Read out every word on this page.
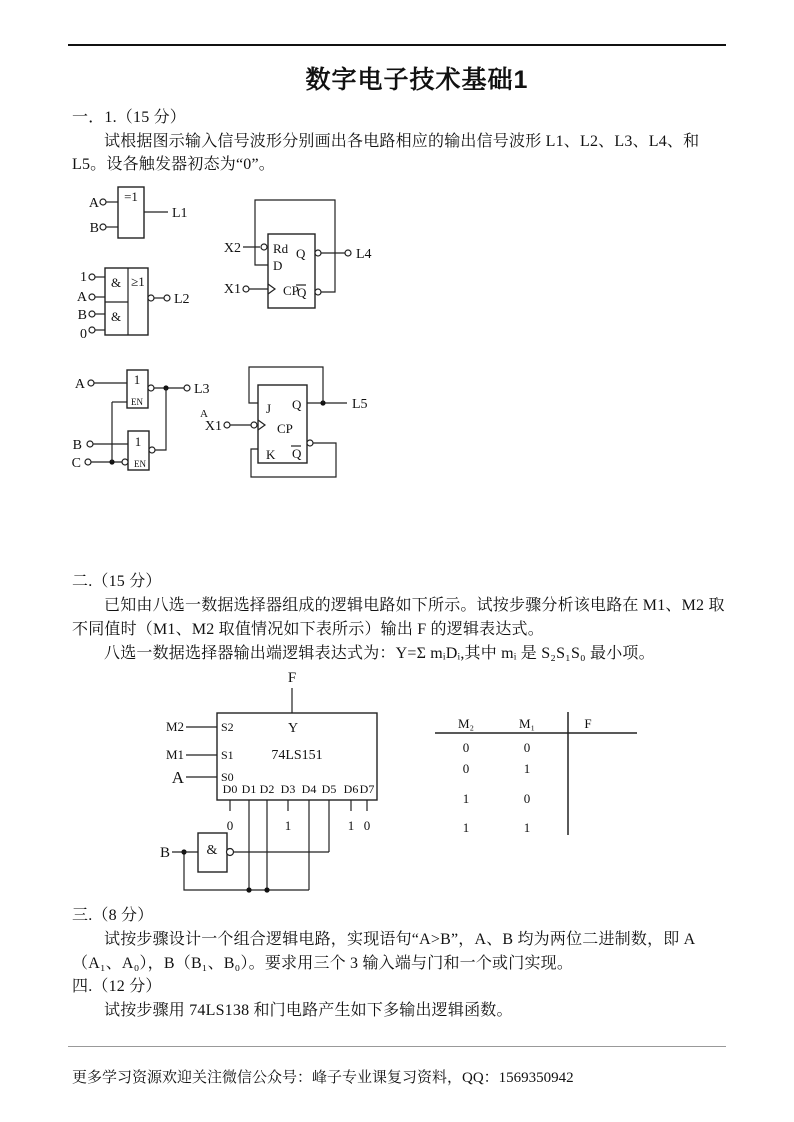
数字电子技术基础1
一．1.（15 分）
试根据图示输入信号波形分别画出各电路相应的输出信号波形 L1、L2、L3、L4、和
L5。设各触发器初态为“0”。
=1
A
B
L1
& ≥1
&
1
A
B
0
L2
1
EN
A	L3
1
EN
B
C
Rd
D
CP
Q
Q
X2
X1
L4
J Q
CP
K Q
X1
A
L5
二.（15 分）
已知由八选一数据选择器组成的逻辑电路如下所示。试按步骤分析该电路在 M1、M2 取
不同值时（M1、M2 取值情况如下表所示）输出 F 的逻辑表达式。
八选一数据选择器输出端逻辑表达式为：Y=Σ mᵢDᵢ,其中 mᵢ 是 S₂S₁S₀ 最小项。
F
M2	S2
M1	S1
A	S0
Y
74LS151
D0 D1 D2 D3 D4 D5 D6 D7
0	1	1 0
&
B
M₂	M₁	F
0	0
0	1
1	0
1	1
三.（8 分）
试按步骤设计一个组合逻辑电路，实现语句“A>B”，A、B 均为两位二进制数，即 A
（A₁、A₀），B（B₁、B₀）。要求用三个 3 输入端与门和一个或门实现。
四.（12 分）
试按步骤用 74LS138 和门电路产生如下多输出逻辑函数。
更多学习资源欢迎关注微信公众号：峰子专业课复习资料，QQ：1569350942
